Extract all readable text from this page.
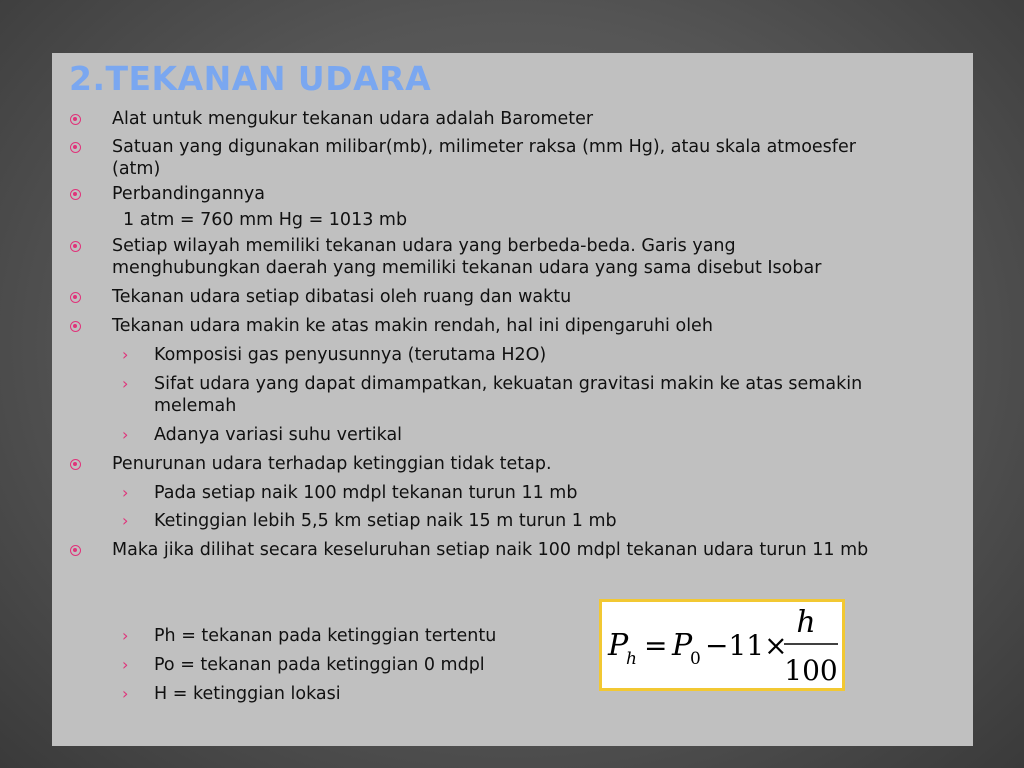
2.TEKANAN UDARA
Alat untuk mengukur tekanan udara adalah Barometer
Satuan yang digunakan milibar(mb), milimeter raksa (mm Hg), atau skala atmoesfer
(atm)
Perbandingannya
1 atm = 760 mm Hg = 1013 mb
Setiap wilayah memiliki tekanan udara yang berbeda-beda. Garis yang
menghubungkan daerah yang memiliki tekanan udara yang sama disebut Isobar
Tekanan udara setiap dibatasi oleh ruang dan waktu
Tekanan udara makin ke atas makin rendah, hal ini dipengaruhi oleh
› Komposisi gas penyusunnya (terutama H2O)
› Sifat udara yang dapat dimampatkan, kekuatan gravitasi makin ke atas semakin
melemah
› Adanya variasi suhu vertikal
Penurunan udara terhadap ketinggian tidak tetap.
› Pada setiap naik 100 mdpl tekanan turun 11 mb
› Ketinggian lebih 5,5 km setiap naik 15 m turun 1 mb
Maka jika dilihat secara keseluruhan setiap naik 100 mdpl tekanan udara turun 11 mb
› Ph = tekanan pada ketinggian tertentu
› Po = tekanan pada ketinggian 0 mdpl
› H = ketinggian lokasi
P
h = P
0 −11×
h
100
